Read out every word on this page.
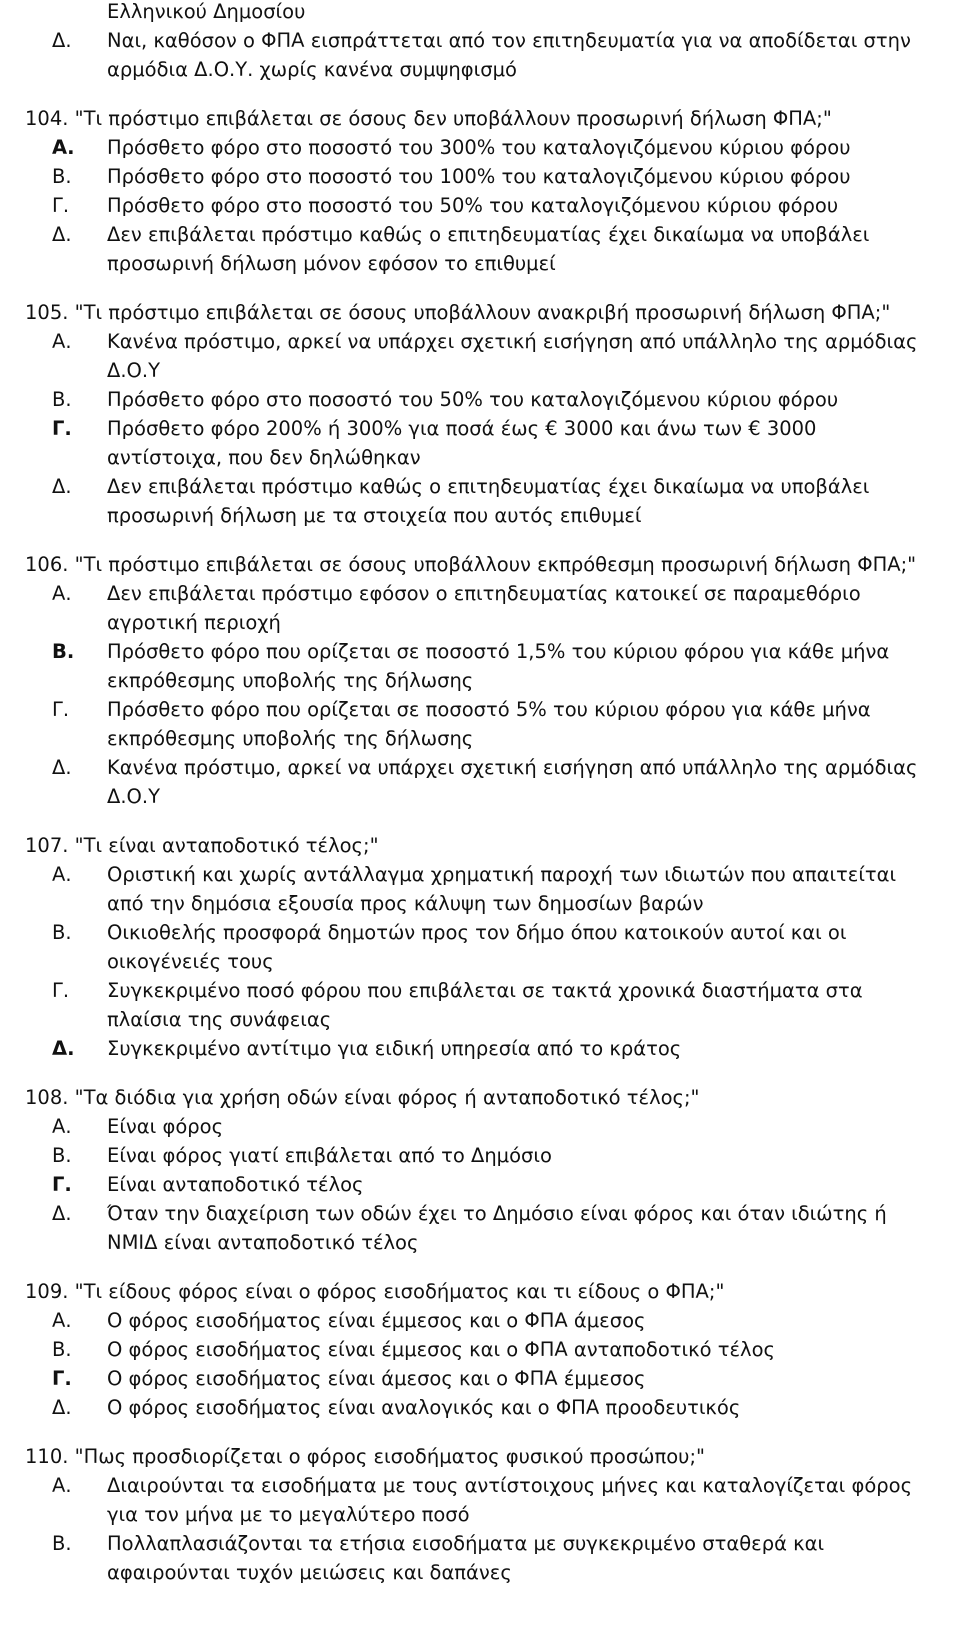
Ελληνικού Δημοσίου
Δ.	Ναι, καθόσον ο ΦΠΑ εισπράττεται από τον επιτηδευματία για να αποδίδεται στην αρμόδια Δ.Ο.Υ. χωρίς κανένα συμψηφισμό
104. "Τι πρόστιμο επιβάλεται σε όσους δεν υποβάλλουν προσωρινή δήλωση ΦΠΑ;"
Α.	Πρόσθετο φόρο στο ποσοστό του 300% του καταλογιζόμενου κύριου φόρου
Β.	Πρόσθετο φόρο στο ποσοστό του 100% του καταλογιζόμενου κύριου φόρου
Γ.	Πρόσθετο φόρο στο ποσοστό του 50% του καταλογιζόμενου κύριου φόρου
Δ.	Δεν επιβάλεται πρόστιμο καθώς ο επιτηδευματίας έχει δικαίωμα να υποβάλει προσωρινή δήλωση μόνον εφόσον το επιθυμεί
105. "Τι πρόστιμο επιβάλεται σε όσους υποβάλλουν ανακριβή προσωρινή δήλωση ΦΠΑ;"
Α.	Κανένα πρόστιμο, αρκεί να υπάρχει σχετική εισήγηση από υπάλληλο της αρμόδιας Δ.Ο.Υ
Β.	Πρόσθετο φόρο στο ποσοστό του 50% του καταλογιζόμενου κύριου φόρου
Γ.	Πρόσθετο φόρο 200% ή 300% για ποσά έως € 3000 και άνω των € 3000 αντίστοιχα, που δεν δηλώθηκαν
Δ.	Δεν επιβάλεται πρόστιμο καθώς ο επιτηδευματίας έχει δικαίωμα να υποβάλει προσωρινή δήλωση με τα στοιχεία που αυτός επιθυμεί
106. "Τι πρόστιμο επιβάλεται σε όσους υποβάλλουν εκπρόθεσμη προσωρινή δήλωση ΦΠΑ;"
Α.	Δεν επιβάλεται πρόστιμο εφόσον ο επιτηδευματίας κατοικεί σε παραμεθόριο αγροτική περιοχή
Β.	Πρόσθετο φόρο που ορίζεται σε ποσοστό 1,5% του κύριου φόρου για κάθε μήνα εκπρόθεσμης υποβολής της δήλωσης
Γ.	Πρόσθετο φόρο που ορίζεται σε ποσοστό 5% του κύριου φόρου για κάθε μήνα εκπρόθεσμης υποβολής της δήλωσης
Δ.	Κανένα πρόστιμο, αρκεί να υπάρχει σχετική εισήγηση από υπάλληλο της αρμόδιας Δ.Ο.Υ
107. "Τι είναι ανταποδοτικό τέλος;"
Α.	Οριστική και χωρίς αντάλλαγμα χρηματική παροχή των ιδιωτών που απαιτείται από την δημόσια εξουσία προς κάλυψη των δημοσίων βαρών
Β.	Οικιοθελής προσφορά δημοτών προς τον δήμο όπου κατοικούν αυτοί και οι οικογένειές τους
Γ.	Συγκεκριμένο ποσό φόρου που επιβάλεται σε τακτά χρονικά διαστήματα στα πλαίσια της συνάφειας
Δ.	Συγκεκριμένο αντίτιμο για ειδική υπηρεσία από το κράτος
108. "Τα διόδια για χρήση οδών είναι φόρος ή ανταποδοτικό τέλος;"
Α.	Είναι φόρος
Β.	Είναι φόρος γιατί επιβάλεται από το Δημόσιο
Γ.	Είναι ανταποδοτικό τέλος
Δ.	Όταν την διαχείριση των οδών έχει το Δημόσιο είναι φόρος και όταν ιδιώτης ή ΝΜΙΔ είναι ανταποδοτικό τέλος
109. "Τι είδους φόρος είναι ο φόρος εισοδήματος και τι είδους ο ΦΠΑ;"
Α.	Ο φόρος εισοδήματος είναι έμμεσος και ο ΦΠΑ άμεσος
Β.	Ο φόρος εισοδήματος είναι έμμεσος και ο ΦΠΑ ανταποδοτικό τέλος
Γ.	Ο φόρος εισοδήματος είναι άμεσος και ο ΦΠΑ έμμεσος
Δ.	Ο φόρος εισοδήματος είναι αναλογικός και ο ΦΠΑ προοδευτικός
110. "Πως προσδιορίζεται ο φόρος εισοδήματος φυσικού προσώπου;"
Α.	Διαιρούνται τα εισοδήματα με τους αντίστοιχους μήνες και καταλογίζεται φόρος για τον μήνα με το μεγαλύτερο ποσό
Β.	Πολλαπλασιάζονται τα ετήσια εισοδήματα με συγκεκριμένο σταθερά και αφαιρούνται τυχόν μειώσεις και δαπάνες
